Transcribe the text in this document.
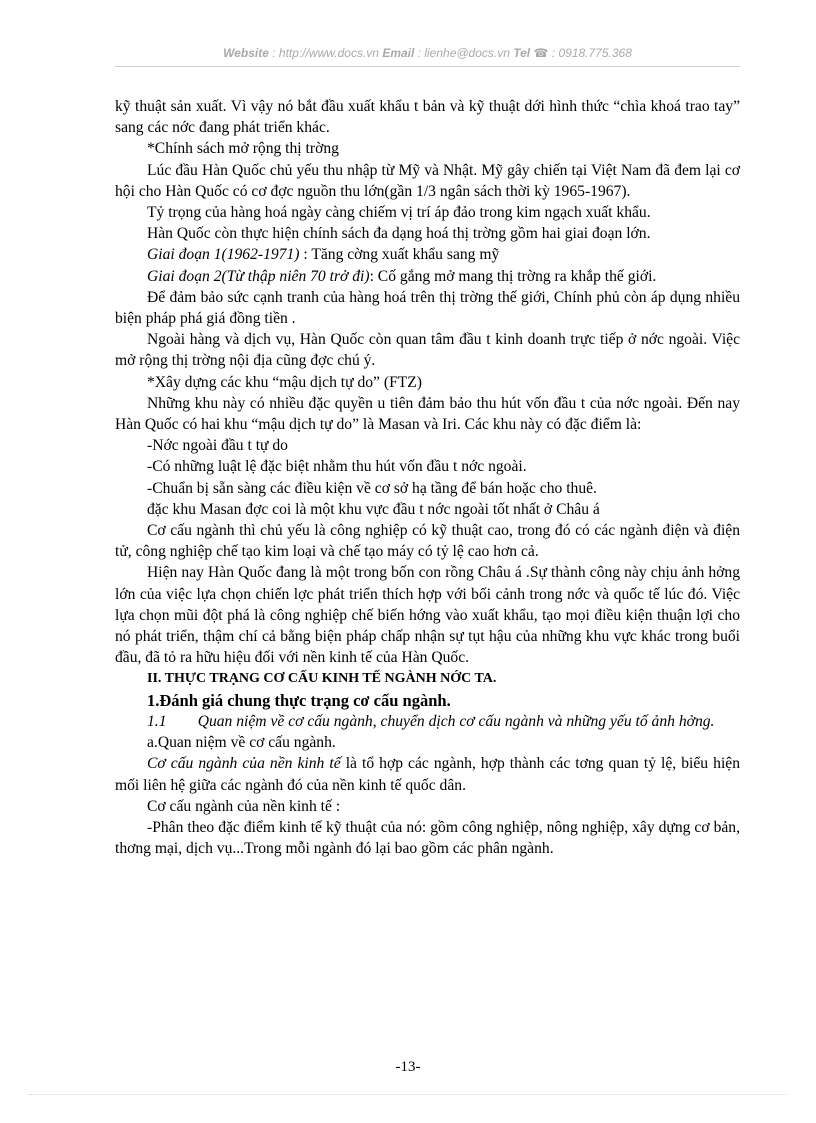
Website : http://www.docs.vn Email : lienhe@docs.vn Tel ☎ : 0918.775.368

kỹ thuật sản xuất. Vì vậy nó bắt đầu xuất khẩu t bản và kỹ thuật dới hình thức “chìa khoá trao tay” sang các nớc đang phát triển khác.

*Chính sách mở rộng thị trờng

Lúc đầu Hàn Quốc chủ yếu thu nhập từ Mỹ và Nhật. Mỹ gây chiến tại Việt Nam đã đem lại cơ hội cho Hàn Quốc có cơ đợc nguồn thu lớn(gần 1/3 ngân sách thời kỳ 1965-1967).

Tỷ trọng của hàng hoá ngày càng chiếm vị trí áp đảo trong kim ngạch xuất khẩu.

Hàn Quốc còn thực hiện chính sách đa dạng hoá thị trờng gồm hai giai đoạn lớn.

Giai đoạn 1(1962-1971) : Tăng cờng xuất khẩu sang mỹ

Giai đoạn 2(Từ thập niên 70 trở đi): Cố gắng mở mang thị trờng ra khắp thế giới.

Để đảm bảo sức cạnh tranh của hàng hoá trên thị trờng thế giới, Chính phủ còn áp dụng nhiều biện pháp phá giá đồng tiền .

Ngoài hàng và dịch vụ, Hàn Quốc còn quan tâm đầu t kinh doanh trực tiếp ở nớc ngoài. Việc mở rộng thị trờng nội địa cũng đợc chú ý.

*Xây dựng các khu “mậu dịch tự do” (FTZ)

Những khu này có nhiều đặc quyền u tiên đảm bảo thu hút vốn đầu t của nớc ngoài. Đến nay Hàn Quốc có hai khu “mậu dịch tự do” là Masan và Iri. Các khu này có đặc điểm là:

-Nớc ngoài đầu t tự do

-Có những luật lệ đặc biệt nhằm thu hút vốn đầu t nớc ngoài.

-Chuẩn bị sẵn sàng các điều kiện về cơ sở hạ tầng để bán hoặc cho thuê.

đặc khu Masan đợc coi là một khu vực đầu t nớc ngoài tốt nhất ở Châu á

Cơ cấu ngành thì chủ yếu là công nghiệp có kỹ thuật cao, trong đó có các ngành điện và điện tử, công nghiệp chế tạo kim loại và chế tạo máy có tỷ lệ cao hơn cả.

Hiện nay Hàn Quốc đang là một trong bốn con rồng Châu á .Sự thành công này chịu ảnh hởng lớn của việc lựa chọn chiến lợc phát triển thích hợp với bối cảnh trong nớc và quốc tế lúc đó. Việc lựa chọn mũi đột phá là công nghiệp chế biến hớng vào xuất khẩu, tạo mọi điều kiện thuận lợi cho nó phát triển, thậm chí cả bằng biện pháp chấp nhận sự tụt hậu của những khu vực khác trong buổi đầu, đã tỏ ra hữu hiệu đối với nền kinh tế của Hàn Quốc.

II. THỰC TRẠNG CƠ CẤU KINH TẾ NGÀNH NỚC TA.

1.Đánh giá chung thực trạng cơ cấu ngành.

1.1 Quan niệm về cơ cấu ngành, chuyển dịch cơ cấu ngành và những yếu tố ảnh hởng.

a.Quan niệm về cơ cấu ngành.

Cơ cấu ngành của nền kinh tế là tổ hợp các ngành, hợp thành các tơng quan tỷ lệ, biểu hiện mối liên hệ giữa các ngành đó của nền kinh tế quốc dân.

Cơ cấu ngành của nền kinh tế :

-Phân theo đặc điểm kinh tế kỹ thuật của nó: gồm công nghiệp, nông nghiệp, xây dựng cơ bản, thơng mại, dịch vụ...Trong mỗi ngành đó lại bao gồm các phân ngành.

-13-
